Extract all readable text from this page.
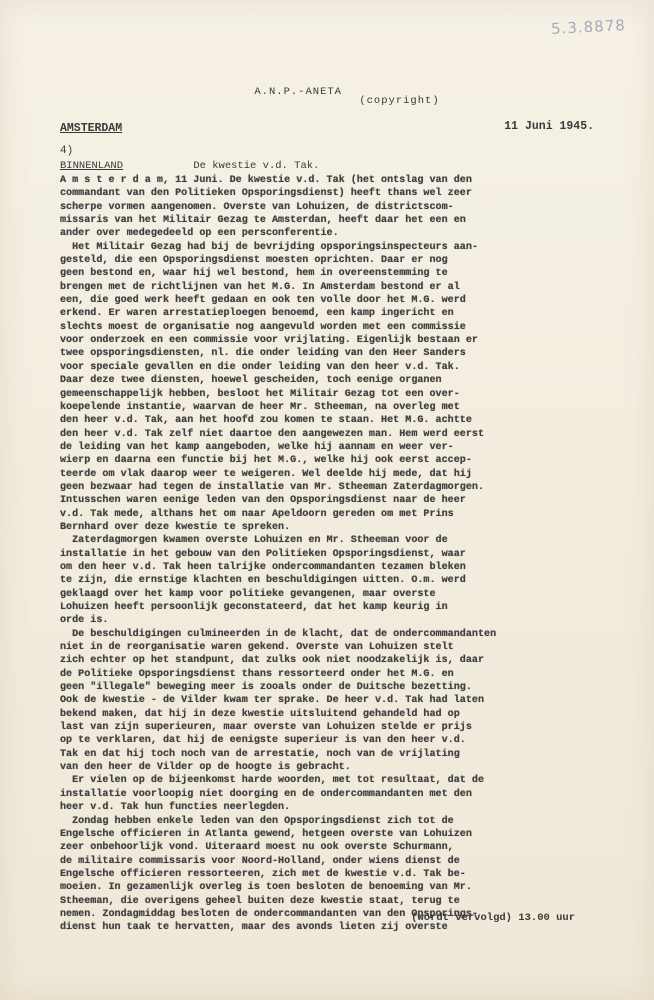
5.3.8878
A.N.P.-ANETA (copyright)
AMSTERDAM	11 Juni 1945.
4)
BINNENLAND	De kwestie v.d. Tak.
A m s t e r d a m, 11 Juni. De kwestie v.d. Tak (het ontslag van den
commandant van den Politieken Opsporingsdienst) heeft thans wel zeer
scherpe vormen aangenomen. Overste van Lohuizen, de districtscom-
missaris van het Militair Gezag te Amsterdan, heeft daar het een en
ander over medegedeeld op een persconferentie.
Het Militair Gezag had bij de bevrijding opsporingsinspecteurs aan-
gesteld, die een Opsporingsdienst moesten oprichten. Daar er nog
geen bestond en, waar hij wel bestond, hem in overeenstemming te
brengen met de richtlijnen van het M.G. In Amsterdam bestond er al
een, die goed werk heeft gedaan en ook ten volle door het M.G. werd
erkend. Er waren arrestatieploegen benoemd, een kamp ingericht en
slechts moest de organisatie nog aangevuld worden met een commissie
voor onderzoek en een commissie voor vrijlating. Eigenlijk bestaan er
twee opsporingsdiensten, nl. die onder leiding van den Heer Sanders
voor speciale gevallen en die onder leiding van den heer v.d. Tak.
Daar deze twee diensten, hoewel gescheiden, toch eenige organen
gemeenschappelijk hebben, besloot het Militair Gezag tot een over-
koepelende instantie, waarvan de heer Mr. Stheeman, na overleg met
den heer v.d. Tak, aan het hoofd zou komen te staan. Het M.G. achtte
den heer v.d. Tak zelf niet daartoe den aangewezen man. Hem werd eerst
de leiding van het kamp aangeboden, welke hij aannam en weer ver-
wierp en daarna een functie bij het M.G., welke hij ook eerst accep-
teerde om vlak daarop weer te weigeren. Wel deelde hij mede, dat hij
geen bezwaar had tegen de installatie van Mr. Stheeman Zaterdagmorgen.
Intusschen waren eenige leden van den Opsporingsdienst naar de heer
v.d. Tak mede, althans het om naar Apeldoorn gereden om met Prins
Bernhard over deze kwestie te spreken.
Zaterdagmorgen kwamen overste Lohuizen en Mr. Stheeman voor de
installatie in het gebouw van den Politieken Opsporingsdienst, waar
om den heer v.d. Tak heen talrijke ondercommandanten tezamen bleken
te zijn, die ernstige klachten en beschuldigingen uitten. O.m. werd
geklaagd over het kamp voor politieke gevangenen, maar overste
Lohuizen heeft persoonlijk geconstateerd, dat het kamp keurig in
orde is.
De beschuldigingen culmineerden in de klacht, dat de ondercommandanten
niet in de reorganisatie waren gekend. Overste van Lohuizen stelt
zich echter op het standpunt, dat zulks ook niet noodzakelijk is, daar
de Politieke Opsporingsdienst thans ressorteerd onder het M.G. en
geen "illegale" beweging meer is zooals onder de Duitsche bezetting.
Ook de kwestie - de Vilder kwam ter sprake. De heer v.d. Tak had laten
bekend maken, dat hij in deze kwestie uitsluitend gehandeld had op
last van zijn superieuren, maar overste van Lohuizen stelde er prijs
op te verklaren, dat hij de eenigste superieur is van den heer v.d.
Tak en dat hij toch noch van de arrestatie, noch van de vrijlating
van den heer de Vilder op de hoogte is gebracht.
Er vielen op de bijeenkomst harde woorden, met tot resultaat, dat de
installatie voorloopig niet doorging en de ondercommandanten met den
heer v.d. Tak hun functies neerlegden.
Zondag hebben enkele leden van den Opsporingsdienst zich tot de
Engelsche officieren in Atlanta gewend, hetgeen overste van Lohuizen
zeer onbehoorlijk vond. Uiteraard moest nu ook overste Schurmann,
de militaire commissaris voor Noord-Holland, onder wiens dienst de
Engelsche officieren ressorteeren, zich met de kwestie v.d. Tak be-
moeien. In gezamenlijk overleg is toen besloten de benoeming van Mr.
Stheeman, die overigens geheel buiten deze kwestie staat, terug te
nemen. Zondagmiddag besloten de ondercommandanten van den Opsporings-
dienst hun taak te hervatten, maar des avonds lieten zij overste
(wordt vervolgd) 13.00 uur
